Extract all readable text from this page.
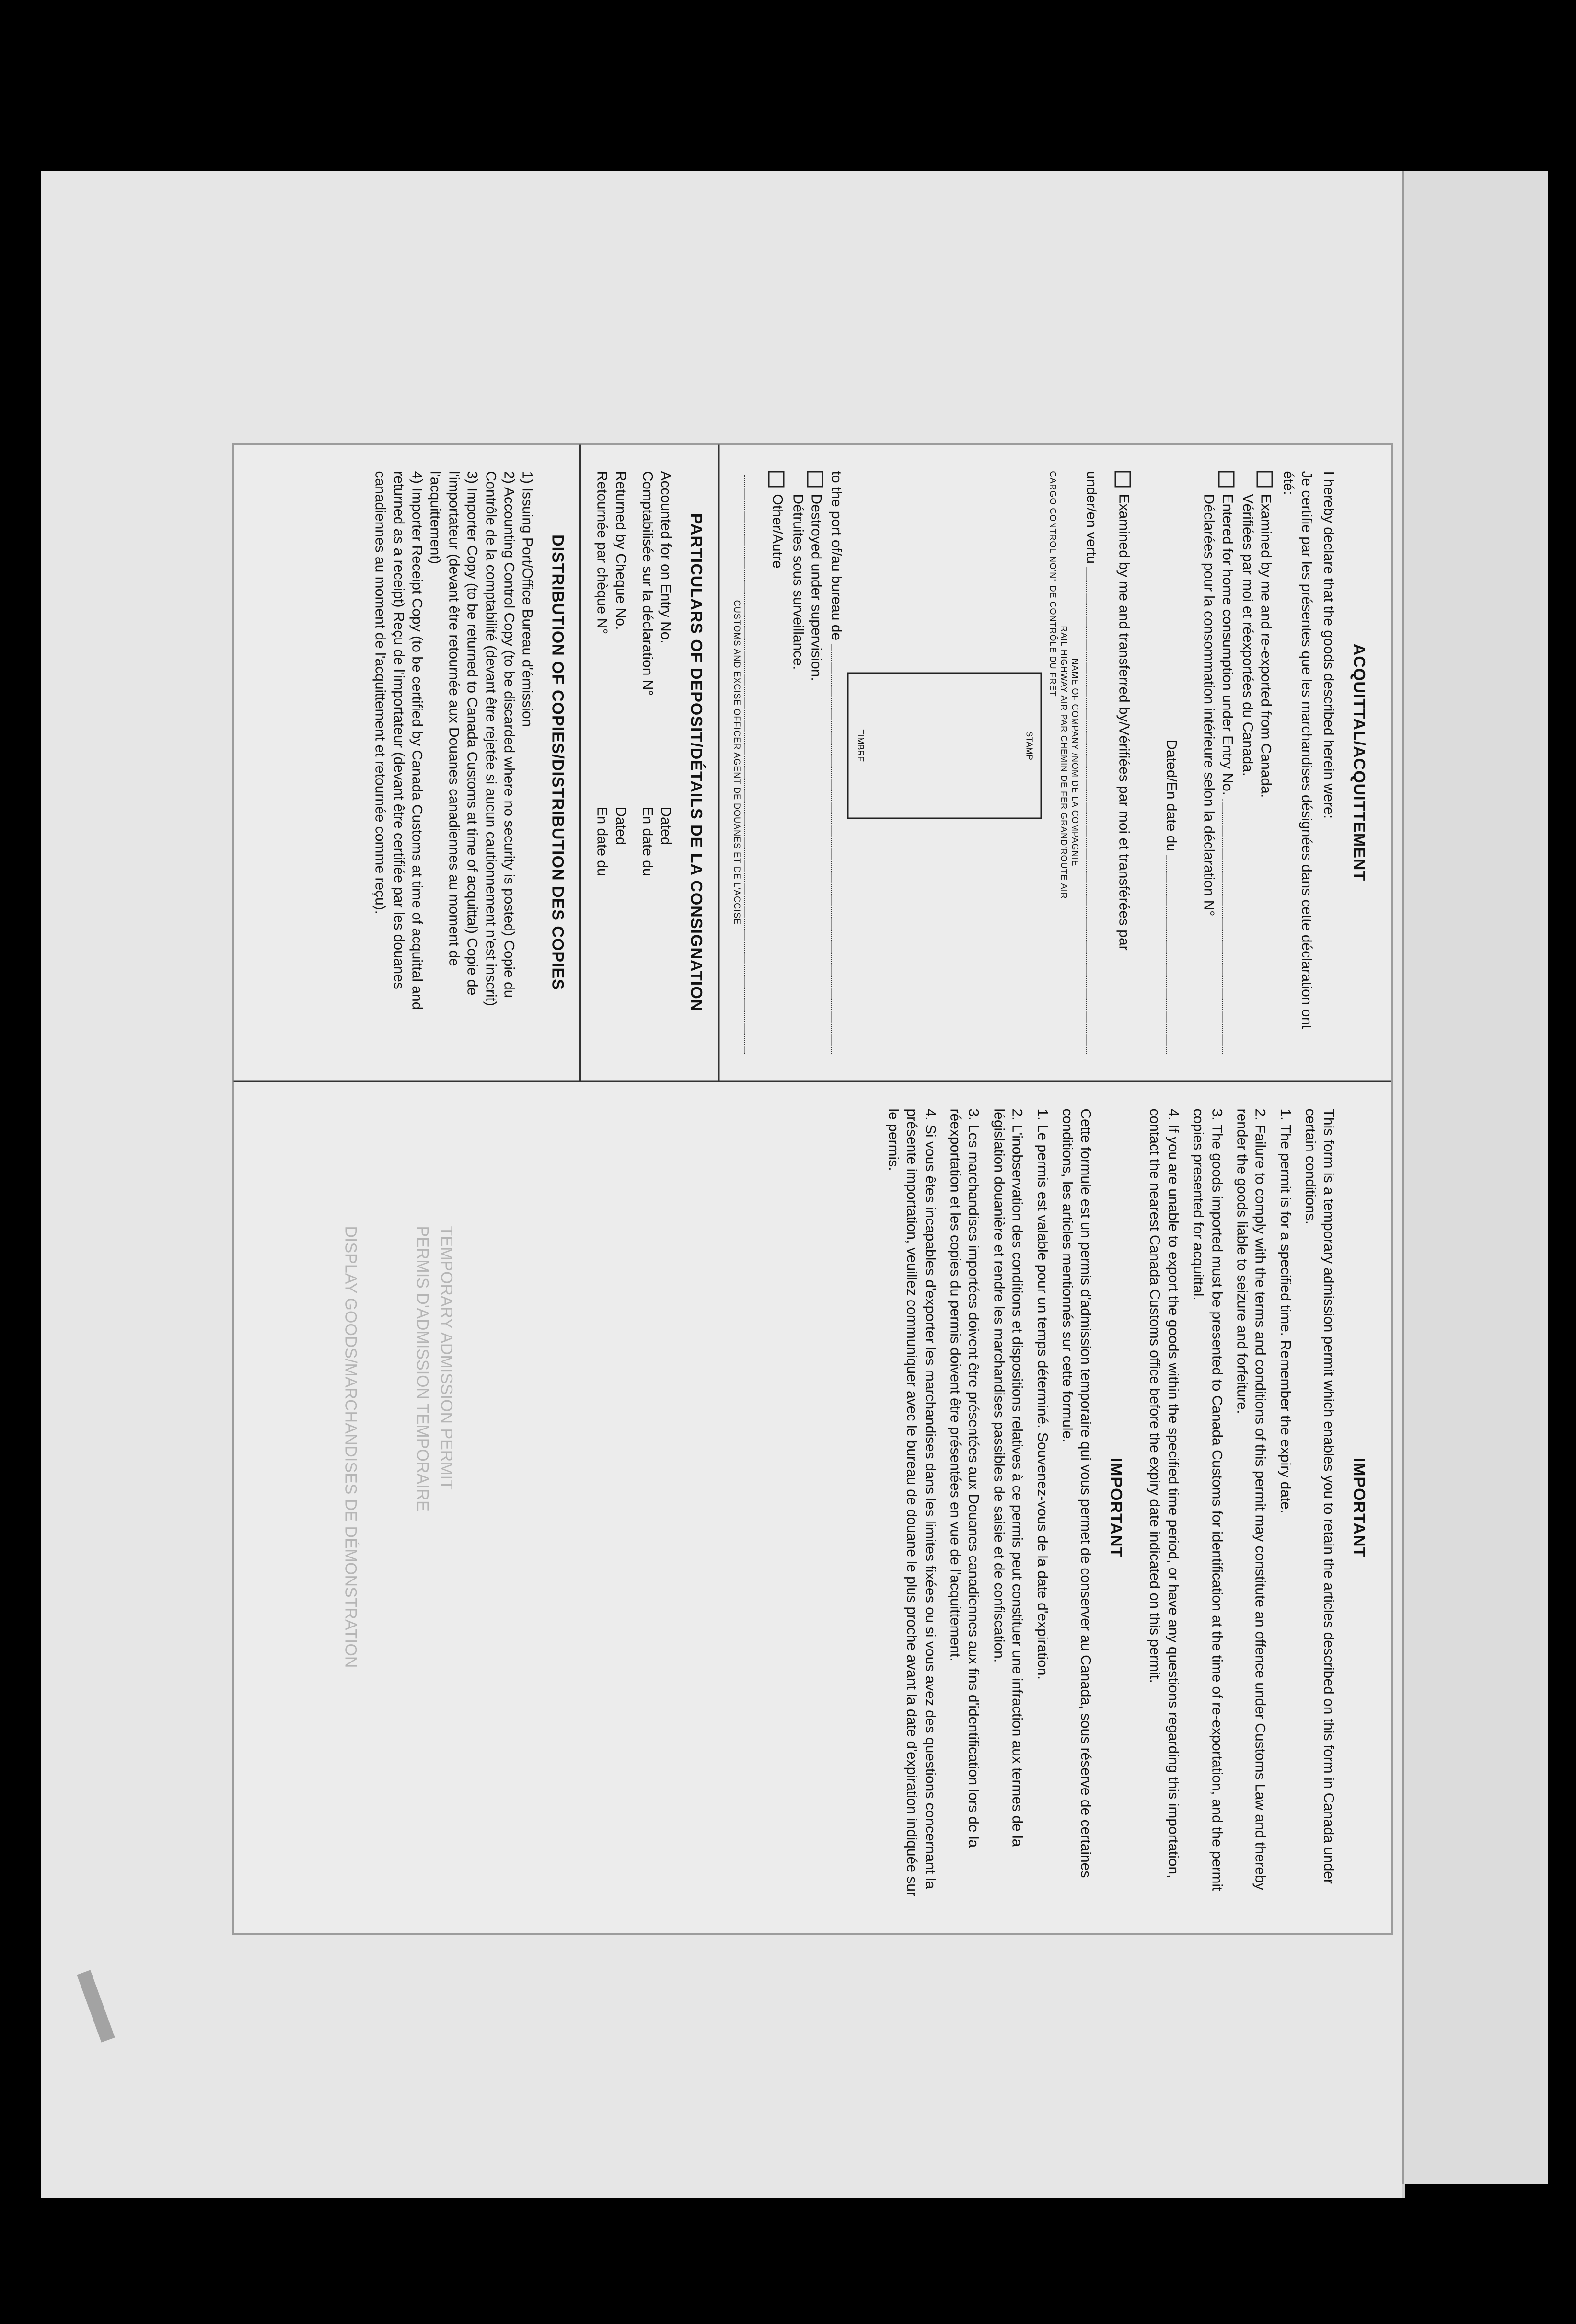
ACQUITTAL/ACQUITTEMENT

I hereby declare that the goods described herein were:

Je certifie par les présentes que les marchandises désignées dans cette déclaration ont été:

Examined by me and re-exported from Canada.
Vérifiées par moi et réexportées du Canada.
Entered for home consumption under Entry No.
Déclarées pour la consommation intérieure selon la déclaration N°
Dated/En date du
Examined by me and transferred by/Vérifiées par moi et transférées par
under/en vertu
NAME OF COMPANY /NOM DE LA COMPAGNIE
RAIL HIGHWAY AIR PAR CHEMIN DE FER GRAND'ROUTE AIR
CARGO CONTROL NO'N° DE CONTRÔLE DU FRET
STAMP
TIMBRE
to the port of/au bureau de
Destroyed under supervision.
Détruites sous surveillance.
Other/Autre
CUSTOMS AND EXCISE OFFICER AGENT DE DOUANES ET DE L'ACCISE
PARTICULARS OF DEPOSIT/DÉTAILS DE LA CONSIGNATION
Accounted for on Entry No.
Comptabilisée sur la déclaration N°
Dated
En date du
Returned by Cheque No.
Retournée par chèque N°
Dated
En date du
DISTRIBUTION OF COPIES/DISTRIBUTION DES COPIES
1) Issuing Port/Office Bureau d'émission
2) Accounting Control Copy (to be discarded where no security is posted) Copie du Contrôle de la comptabilité (devant être rejetée si aucun cautionnement n'est inscrit)
3) Importer Copy (to be returned to Canada Customs at time of acquittal) Copie de l'importateur (devant être retournée aux Douanes canadiennes au moment de l'acquittement)
4) Importer Receipt Copy (to be certified by Canada Customs at time of acquittal and returned as a receipt) Reçu de l'importateur (devant être certifiée par les douanes canadiennes au moment de l'acquittement et retournée comme reçu).
IMPORTANT

This form is a temporary admission permit which enables you to retain the articles described on this form in Canada under certain conditions.

1. The permit is for a specified time. Remember the expiry date.
2. Failure to comply with the terms and conditions of this permit may constitute an offence under Customs Law and thereby render the goods liable to seizure and forfeiture.
3. The goods imported must be presented to Canada Customs for identification at the time of re-exportation, and the permit copies presented for acquittal.
4. If you are unable to export the goods within the specified time period, or have any questions regarding this importation, contact the nearest Canada Customs office before the expiry date indicated on this permit.
IMPORTANT

Cette formule est un permis d'admission temporaire qui vous permet de conserver au Canada, sous réserve de certaines conditions, les articles mentionnés sur cette formule.

1. Le permis est valable pour un temps déterminé. Souvenez-vous de la date d'expiration.
2. L'inobservation des conditions et dispositions relatives à ce permis peut constituer une infraction aux termes de la législation douanière et rendre les marchandises passibles de saisie et de confiscation.
3. Les marchandises importées doivent être présentées aux Douanes canadiennes aux fins d'identification lors de la réexportation et les copies du permis doivent être présentées en vue de l'acquittement.
4. Si vous êtes incapables d'exporter les marchandises dans les limites fixées ou si vous avez des questions concernant la présente importation, veuillez communiquer avec le bureau de douane le plus proche avant la date d'expiration indiquée sur le permis.
TEMPORARY ADMISSION PERMIT
PERMIS D'ADMISSION TEMPORAIRE
DISPLAY GOODS/MARCHANDISES DE DÉMONSTRATION
